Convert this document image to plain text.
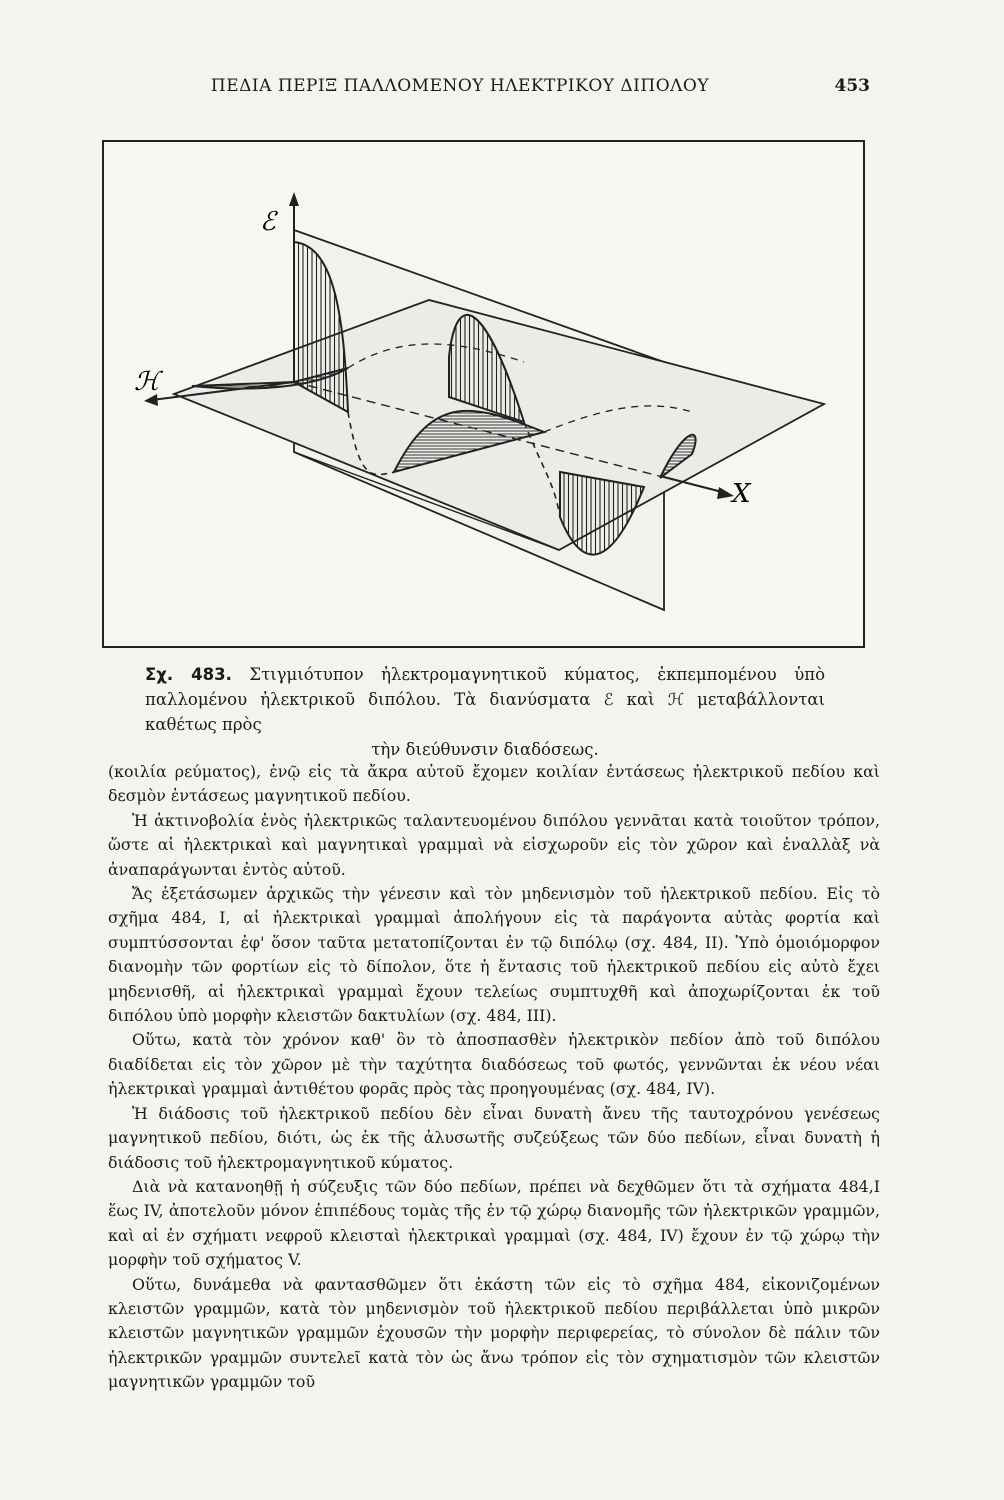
ΠΕΔΙΑ ΠΕΡΙΞ ΠΑΛΛΟΜΕΝΟΥ ΗΛΕΚΤΡΙΚΟΥ ΔΙΠΟΛΟΥ	453
ℰ
ℋ
X
Σχ. 483. Στιγμιότυπον ἠλεκτρομαγνητικοῦ κύματος, ἐκπεμπομένου ὑπὸ παλλομένου ἠλεκτρικοῦ διπόλου. Τὰ διανύσματα ℰ καὶ ℋ μεταβάλλονται καθέτως πρὸς
τὴν διεύθυνσιν διαδόσεως.

(κοιλία ρεύματος), ἐνῷ εἰς τὰ ἄκρα αὐτοῦ ἔχομεν κοιλίαν ἐντάσεως ἠλεκτρικοῦ πεδίου καὶ δεσμὸν ἐντάσεως μαγνητικοῦ πεδίου.

Ἡ ἀκτινοβολία ἑνὸς ἠλεκτρικῶς ταλαντευομένου διπόλου γεννᾶται κατὰ τοιοῦτον τρόπον, ὥστε αἱ ἠλεκτρικαὶ καὶ μαγνητικαὶ γραμμαὶ νὰ εἰσχωροῦν εἰς τὸν χῶρον καὶ ἐναλλὰξ νὰ ἀναπαράγωνται ἐντὸς αὐτοῦ.

Ἄς ἐξετάσωμεν ἀρχικῶς τὴν γένεσιν καὶ τὸν μηδενισμὸν τοῦ ἠλεκτρικοῦ πεδίου. Εἰς τὸ σχῆμα 484, Ι, αἱ ἠλεκτρικαὶ γραμμαὶ ἀπολήγουν εἰς τὰ παράγοντα αὐτὰς φορτία καὶ συμπτύσσονται ἐφ' ὅσον ταῦτα μετατοπίζονται ἐν τῷ διπόλῳ (σχ. 484, ΙΙ). Ὑπὸ ὁμοιόμορφον διανομὴν τῶν φορτίων εἰς τὸ δίπολον, ὅτε ἡ ἔντασις τοῦ ἠλεκτρικοῦ πεδίου εἰς αὐτὸ ἔχει μηδενισθῆ, αἱ ἠλεκτρικαὶ γραμμαὶ ἔχουν τελείως συμπτυχθῆ καὶ ἀποχωρίζονται ἐκ τοῦ διπόλου ὑπὸ μορφὴν κλειστῶν δακτυλίων (σχ. 484, ΙΙΙ).

Οὕτω, κατὰ τὸν χρόνον καθ' ὃν τὸ ἀποσπασθὲν ἠλεκτρικὸν πεδίον ἀπὸ τοῦ διπόλου διαδίδεται εἰς τὸν χῶρον μὲ τὴν ταχύτητα διαδόσεως τοῦ φωτός, γεννῶνται ἐκ νέου νέαι ἠλεκτρικαὶ γραμμαὶ ἀντιθέτου φορᾶς πρὸς τὰς προηγουμένας (σχ. 484, IV).

Ἡ διάδοσις τοῦ ἠλεκτρικοῦ πεδίου δὲν εἶναι δυνατὴ ἄνευ τῆς ταυτοχρόνου γενέσεως μαγνητικοῦ πεδίου, διότι, ὡς ἐκ τῆς ἀλυσωτῆς συζεύξεως τῶν δύο πεδίων, εἶναι δυνατὴ ἡ διάδοσις τοῦ ἠλεκτρομαγνητικοῦ κύματος.

Διὰ νὰ κατανοηθῇ ἡ σύζευξις τῶν δύο πεδίων, πρέπει νὰ δεχθῶμεν ὅτι τὰ σχήματα 484,Ι ἕως IV, ἀποτελοῦν μόνον ἐπιπέδους τομὰς τῆς ἐν τῷ χώρῳ διανομῆς τῶν ἠλεκτρικῶν γραμμῶν, καὶ αἱ ἐν σχήματι νεφροῦ κλεισταὶ ἠλεκτρικαὶ γραμμαὶ (σχ. 484, IV) ἔχουν ἐν τῷ χώρῳ τὴν μορφὴν τοῦ σχήματος V.

Οὕτω, δυνάμεθα νὰ φαντασθῶμεν ὅτι ἑκάστη τῶν εἰς τὸ σχῆμα 484, εἰκονιζομένων κλειστῶν γραμμῶν, κατὰ τὸν μηδενισμὸν τοῦ ἠλεκτρικοῦ πεδίου περιβάλλεται ὑπὸ μικρῶν κλειστῶν μαγνητικῶν γραμμῶν ἐχουσῶν τὴν μορφὴν περιφερείας, τὸ σύνολον δὲ πάλιν τῶν ἠλεκτρικῶν γραμμῶν συντελεῖ κατὰ τὸν ὡς ἄνω τρόπον εἰς τὸν σχηματισμὸν τῶν κλειστῶν μαγνητικῶν γραμμῶν τοῦ
